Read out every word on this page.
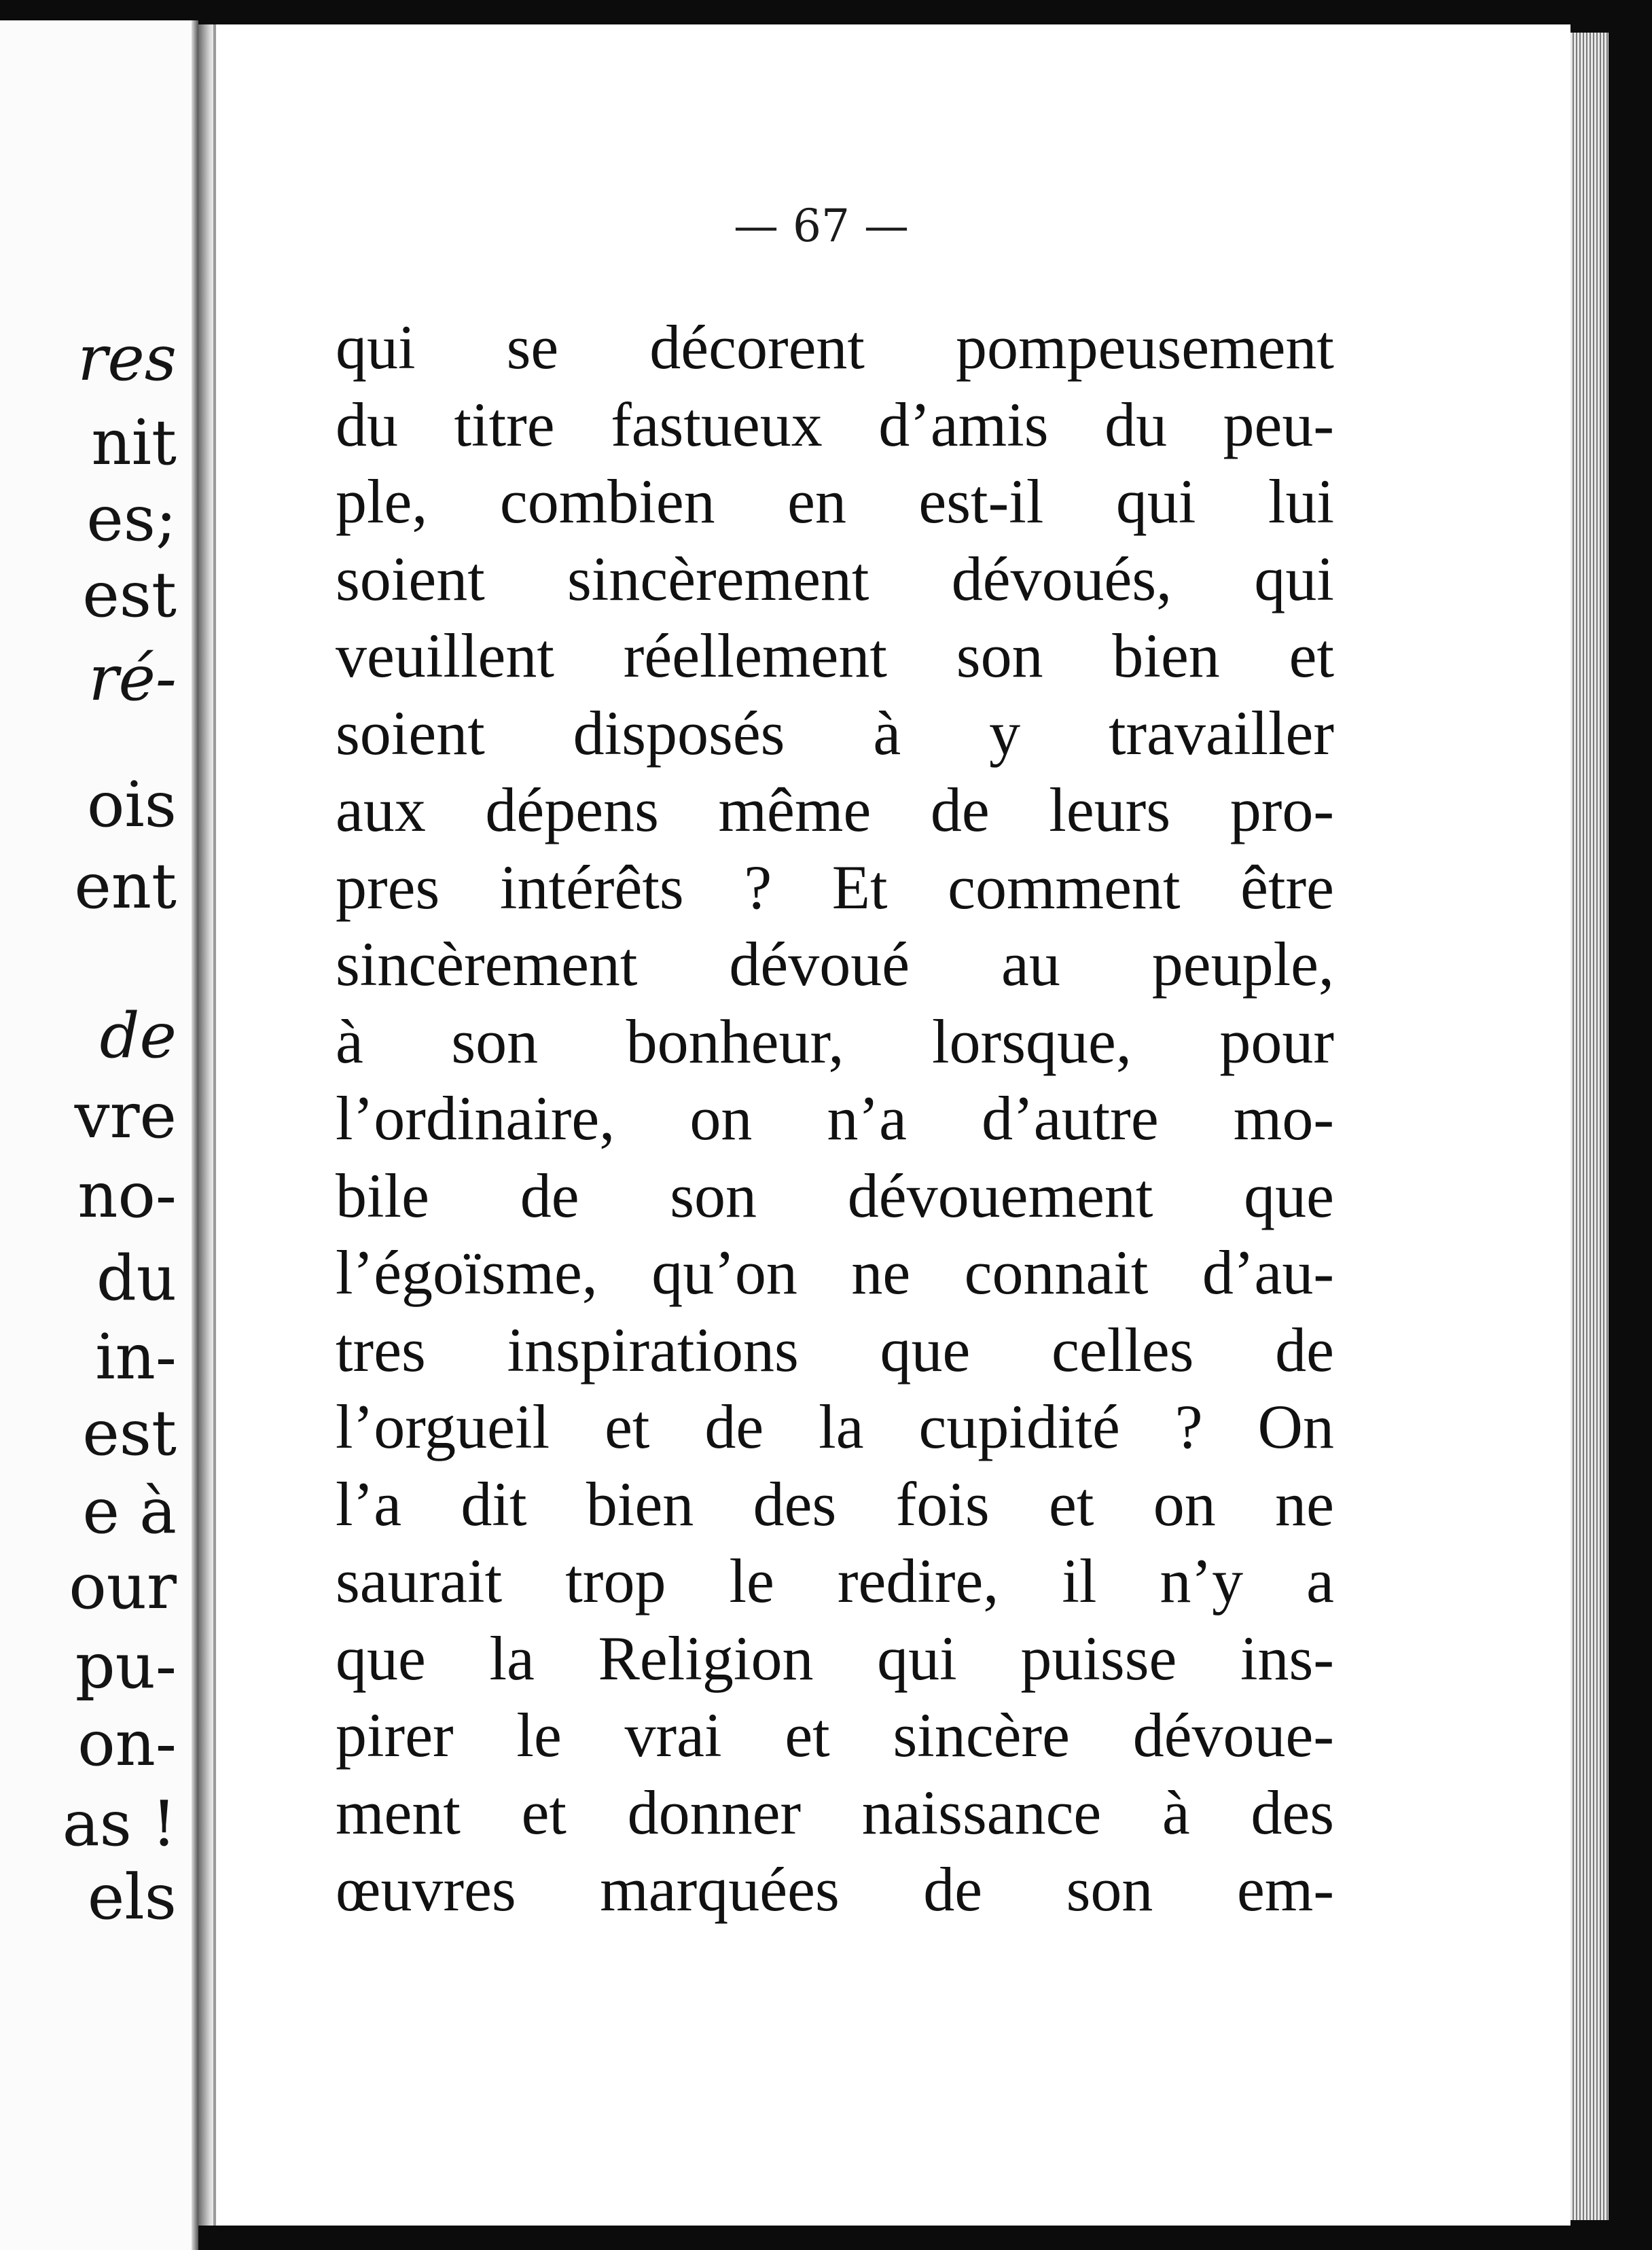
res
nit
es;
est
ré-
ois
ent
de
vre
no-
du
in-
est
e à
our
pu-
on-
as !
els
— 67 —
qui se décorent pompeusement
du titre fastueux d’amis du peu-
ple, combien en est-il qui lui
soient sincèrement dévoués, qui
veuillent réellement son bien et
soient disposés à y travailler
aux dépens même de leurs pro-
pres intérêts ? Et comment être
sincèrement dévoué au peuple,
à son bonheur, lorsque, pour
l’ordinaire, on n’a d’autre mo-
bile de son dévouement que
l’égoïsme, qu’on ne connait d’au-
tres inspirations que celles de
l’orgueil et de la cupidité ? On
l’a dit bien des fois et on ne
saurait trop le redire, il n’y a
que la Religion qui puisse ins-
pirer le vrai et sincère dévoue-
ment et donner naissance à des
œuvres marquées de son em-
